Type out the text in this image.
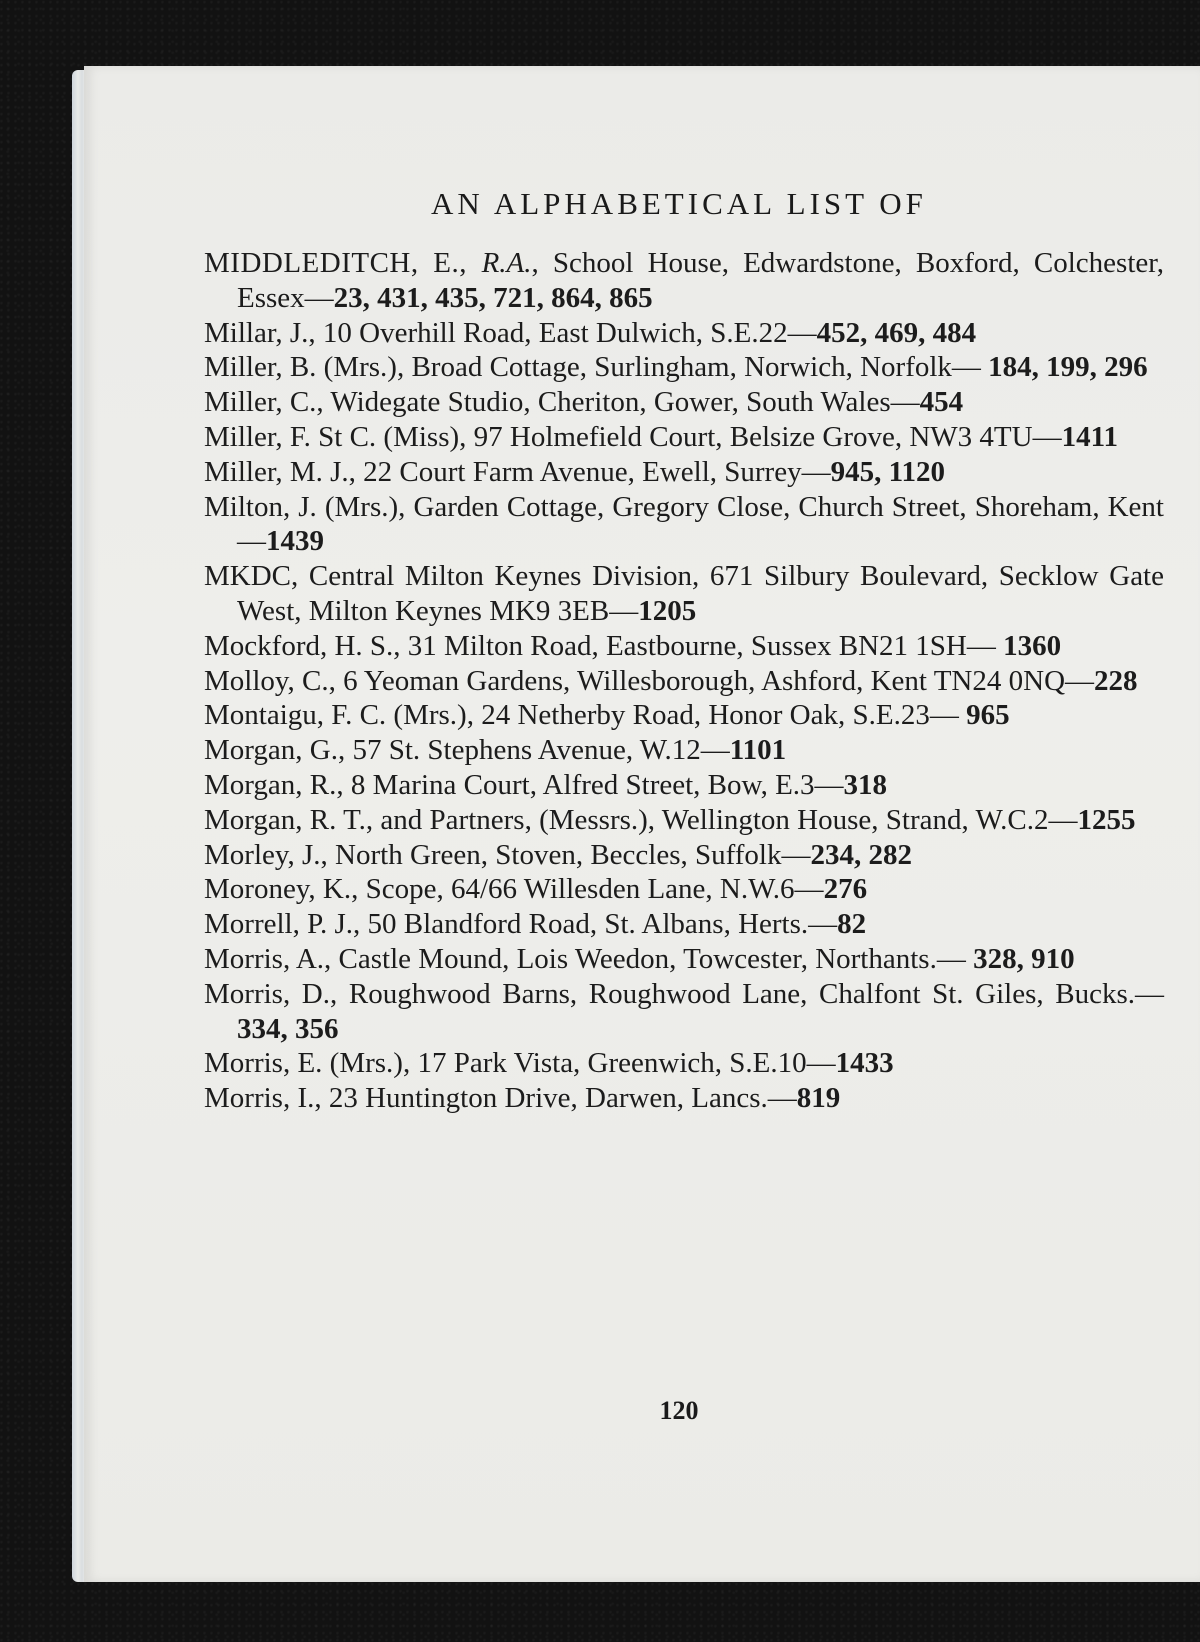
AN ALPHABETICAL LIST OF

MIDDLEDITCH, E., R.A., School House, Edwardstone, Boxford, Colchester, Essex—23, 431, 435, 721, 864, 865

Millar, J., 10 Overhill Road, East Dulwich, S.E.22—452, 469, 484

Miller, B. (Mrs.), Broad Cottage, Surlingham, Norwich, Norfolk— 184, 199, 296

Miller, C., Widegate Studio, Cheriton, Gower, South Wales—454

Miller, F. St C. (Miss), 97 Holmefield Court, Belsize Grove, NW3 4TU—1411

Miller, M. J., 22 Court Farm Avenue, Ewell, Surrey—945, 1120

Milton, J. (Mrs.), Garden Cottage, Gregory Close, Church Street, Shoreham, Kent—1439

MKDC, Central Milton Keynes Division, 671 Silbury Boulevard, Secklow Gate West, Milton Keynes MK9 3EB—1205

Mockford, H. S., 31 Milton Road, Eastbourne, Sussex BN21 1SH— 1360

Molloy, C., 6 Yeoman Gardens, Willesborough, Ashford, Kent TN24 0NQ—228

Montaigu, F. C. (Mrs.), 24 Netherby Road, Honor Oak, S.E.23— 965

Morgan, G., 57 St. Stephens Avenue, W.12—1101

Morgan, R., 8 Marina Court, Alfred Street, Bow, E.3—318

Morgan, R. T., and Partners, (Messrs.), Wellington House, Strand, W.C.2—1255

Morley, J., North Green, Stoven, Beccles, Suffolk—234, 282

Moroney, K., Scope, 64/66 Willesden Lane, N.W.6—276

Morrell, P. J., 50 Blandford Road, St. Albans, Herts.—82

Morris, A., Castle Mound, Lois Weedon, Towcester, Northants.— 328, 910

Morris, D., Roughwood Barns, Roughwood Lane, Chalfont St. Giles, Bucks.—334, 356

Morris, E. (Mrs.), 17 Park Vista, Greenwich, S.E.10—1433

Morris, I., 23 Huntington Drive, Darwen, Lancs.—819

120
